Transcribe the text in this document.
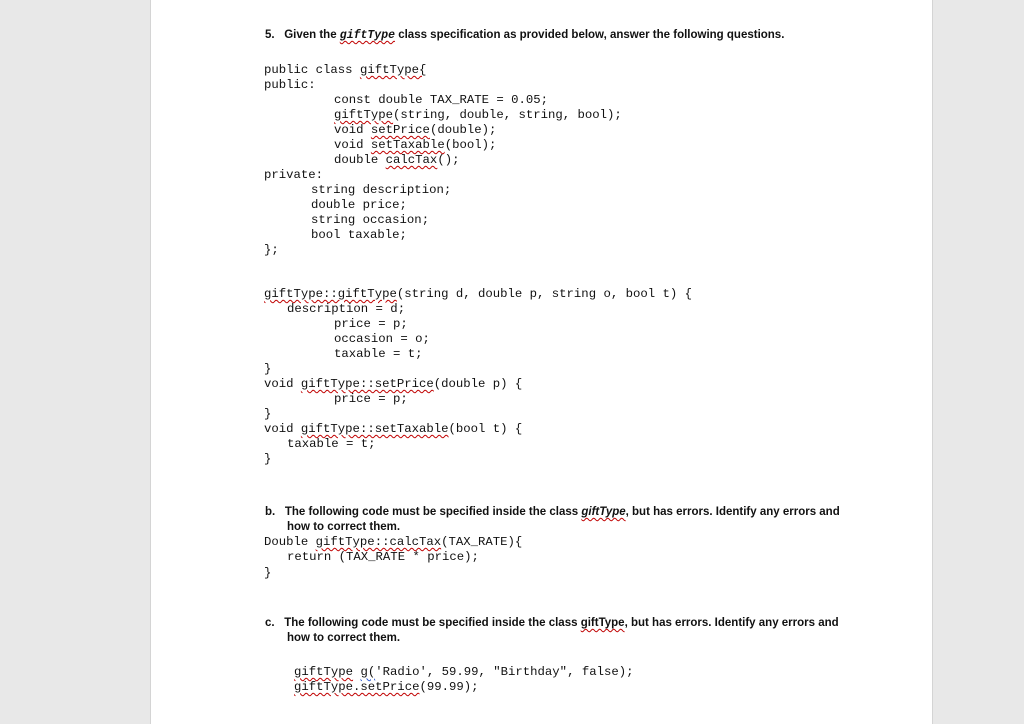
5. Given the giftType class specification as provided below, answer the following questions.
public class giftType{
public:
const double TAX_RATE = 0.05;
giftType(string, double, string, bool);
void setPrice(double);
void setTaxable(bool);
double calcTax();
private:
string description;
double price;
string occasion;
bool taxable;
};
giftType::giftType(string d, double p, string o, bool t) {
description = d;
price = p;
occasion = o;
taxable = t;
}
void giftType::setPrice(double p) {
price = p;
}
void giftType::setTaxable(bool t) {
taxable = t;
}
b. The following code must be specified inside the class giftType, but has errors. Identify any errors and
how to correct them.
Double giftType::calcTax(TAX_RATE){
return (TAX_RATE * price);
}
c. The following code must be specified inside the class giftType, but has errors. Identify any errors and
how to correct them.
giftType g('Radio', 59.99, "Birthday", false);
giftType.setPrice(99.99);
